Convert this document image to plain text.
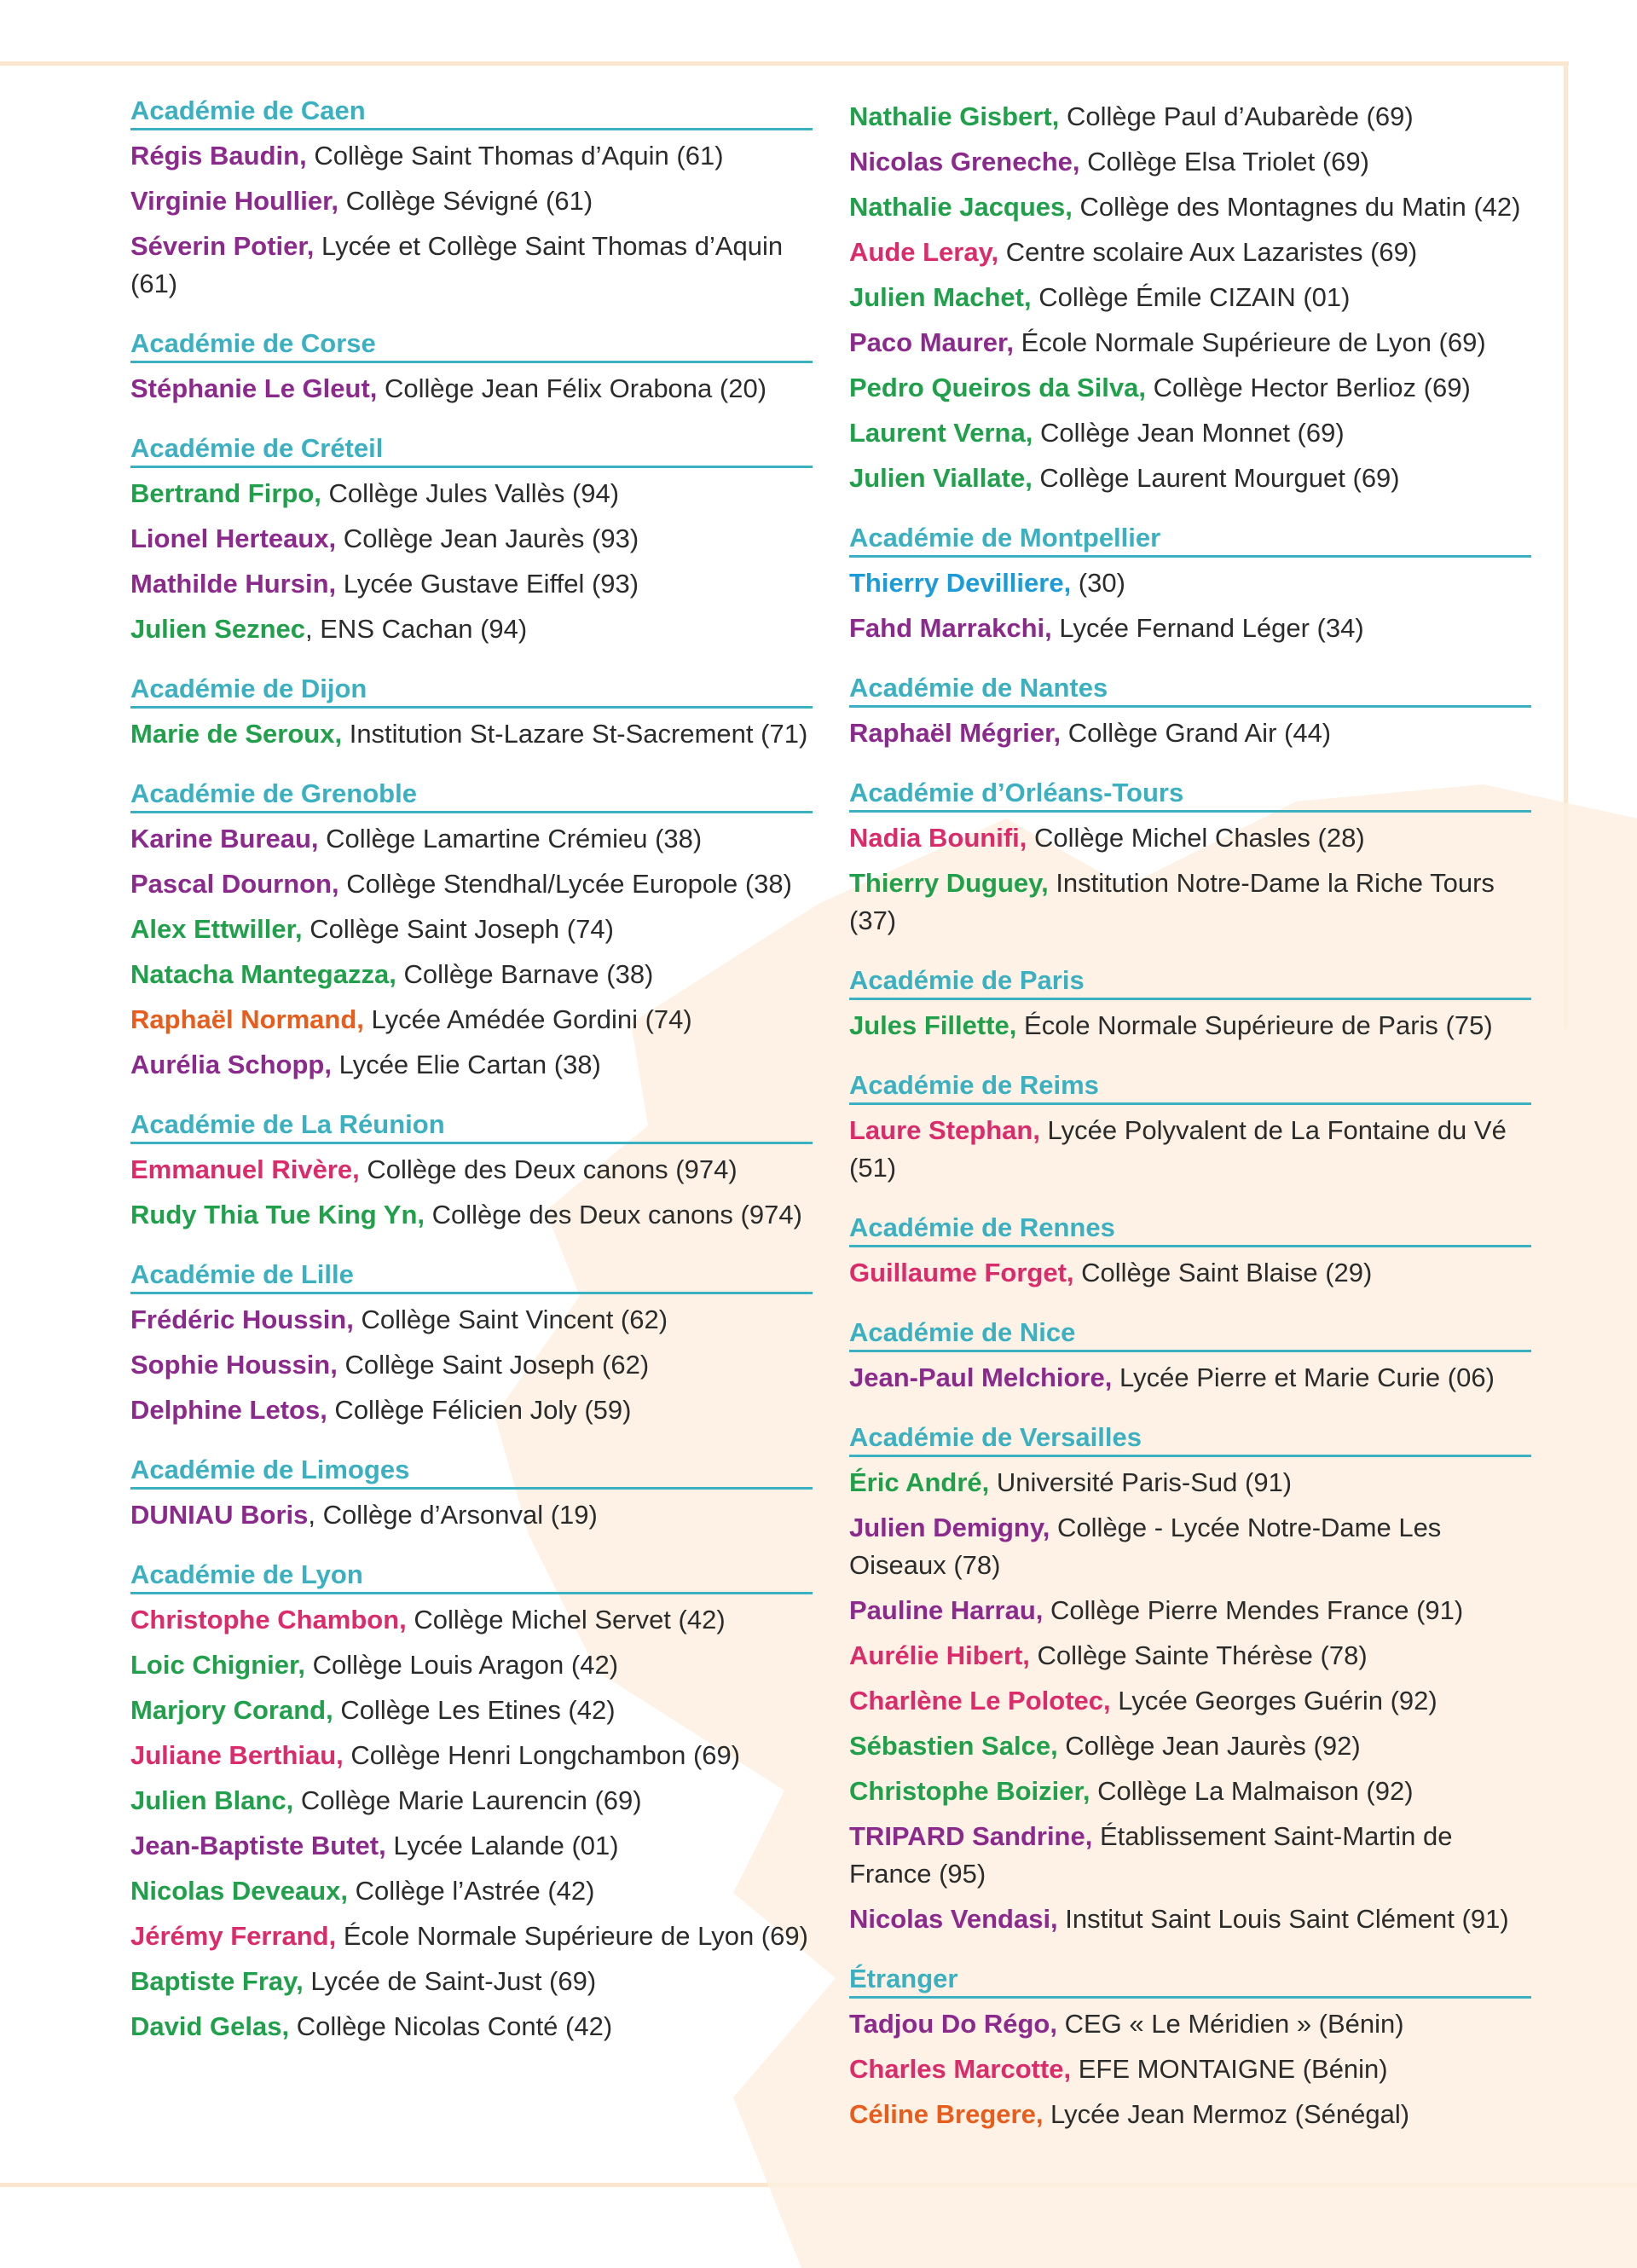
Académie de Caen
Régis Baudin, Collège Saint Thomas d’Aquin (61)
Virginie Houllier, Collège Sévigné (61)
Séverin Potier, Lycée et Collège Saint Thomas d’Aquin (61)
Académie de Corse
Stéphanie Le Gleut, Collège Jean Félix Orabona (20)
Académie de Créteil
Bertrand Firpo, Collège Jules Vallès (94)
Lionel Herteaux, Collège Jean Jaurès (93)
Mathilde Hursin, Lycée Gustave Eiffel (93)
Julien Seznec, ENS Cachan (94)
Académie de Dijon
Marie de Seroux, Institution St-Lazare St-Sacrement (71)
Académie de Grenoble
Karine Bureau, Collège Lamartine Crémieu (38)
Pascal Dournon, Collège Stendhal/Lycée Europole (38)
Alex Ettwiller, Collège Saint Joseph (74)
Natacha Mantegazza, Collège Barnave (38)
Raphaël Normand, Lycée Amédée Gordini (74)
Aurélia Schopp, Lycée Elie Cartan (38)
Académie de La Réunion
Emmanuel Rivère, Collège des Deux canons (974)
Rudy Thia Tue King Yn, Collège des Deux canons (974)
Académie de Lille
Frédéric Houssin, Collège Saint Vincent (62)
Sophie Houssin, Collège Saint Joseph (62)
Delphine Letos, Collège Félicien Joly (59)
Académie de Limoges
DUNIAU Boris, Collège d’Arsonval (19)
Académie de Lyon
Christophe Chambon, Collège Michel Servet (42)
Loic Chignier, Collège Louis Aragon (42)
Marjory Corand, Collège Les Etines (42)
Juliane Berthiau, Collège Henri Longchambon (69)
Julien Blanc, Collège Marie Laurencin (69)
Jean-Baptiste Butet, Lycée Lalande (01)
Nicolas Deveaux, Collège l’Astrée (42)
Jérémy Ferrand, École Normale Supérieure de Lyon (69)
Baptiste Fray, Lycée de Saint-Just (69)
David Gelas, Collège Nicolas Conté (42)
Nathalie Gisbert, Collège Paul d’Aubarède (69)
Nicolas Greneche, Collège Elsa Triolet (69)
Nathalie Jacques, Collège des Montagnes du Matin (42)
Aude Leray, Centre scolaire Aux Lazaristes (69)
Julien Machet, Collège Émile CIZAIN (01)
Paco Maurer, École Normale Supérieure de Lyon (69)
Pedro Queiros da Silva, Collège Hector Berlioz (69)
Laurent Verna, Collège Jean Monnet (69)
Julien Viallate, Collège Laurent Mourguet (69)
Académie de Montpellier
Thierry Devilliere, (30)
Fahd Marrakchi, Lycée Fernand Léger (34)
Académie de Nantes
Raphaël Mégrier, Collège Grand Air (44)
Académie d’Orléans-Tours
Nadia Bounifi, Collège Michel Chasles (28)
Thierry Duguey, Institution Notre-Dame la Riche Tours (37)
Académie de Paris
Jules Fillette, École Normale Supérieure de Paris (75)
Académie de Reims
Laure Stephan, Lycée Polyvalent de La Fontaine du Vé (51)
Académie de Rennes
Guillaume Forget, Collège Saint Blaise (29)
Académie de Nice
Jean-Paul Melchiore, Lycée Pierre et Marie Curie (06)
Académie de Versailles
Éric André, Université Paris-Sud (91)
Julien Demigny, Collège - Lycée Notre-Dame Les Oiseaux (78)
Pauline Harrau, Collège Pierre Mendes France (91)
Aurélie Hibert, Collège Sainte Thérèse (78)
Charlène Le Polotec, Lycée Georges Guérin (92)
Sébastien Salce, Collège Jean Jaurès (92)
Christophe Boizier, Collège La Malmaison (92)
TRIPARD Sandrine, Établissement Saint-Martin de France (95)
Nicolas Vendasi, Institut Saint Louis Saint Clément (91)
Étranger
Tadjou Do Régo, CEG « Le Méridien » (Bénin)
Charles Marcotte, EFE MONTAIGNE (Bénin)
Céline Bregere, Lycée Jean Mermoz (Sénégal)
